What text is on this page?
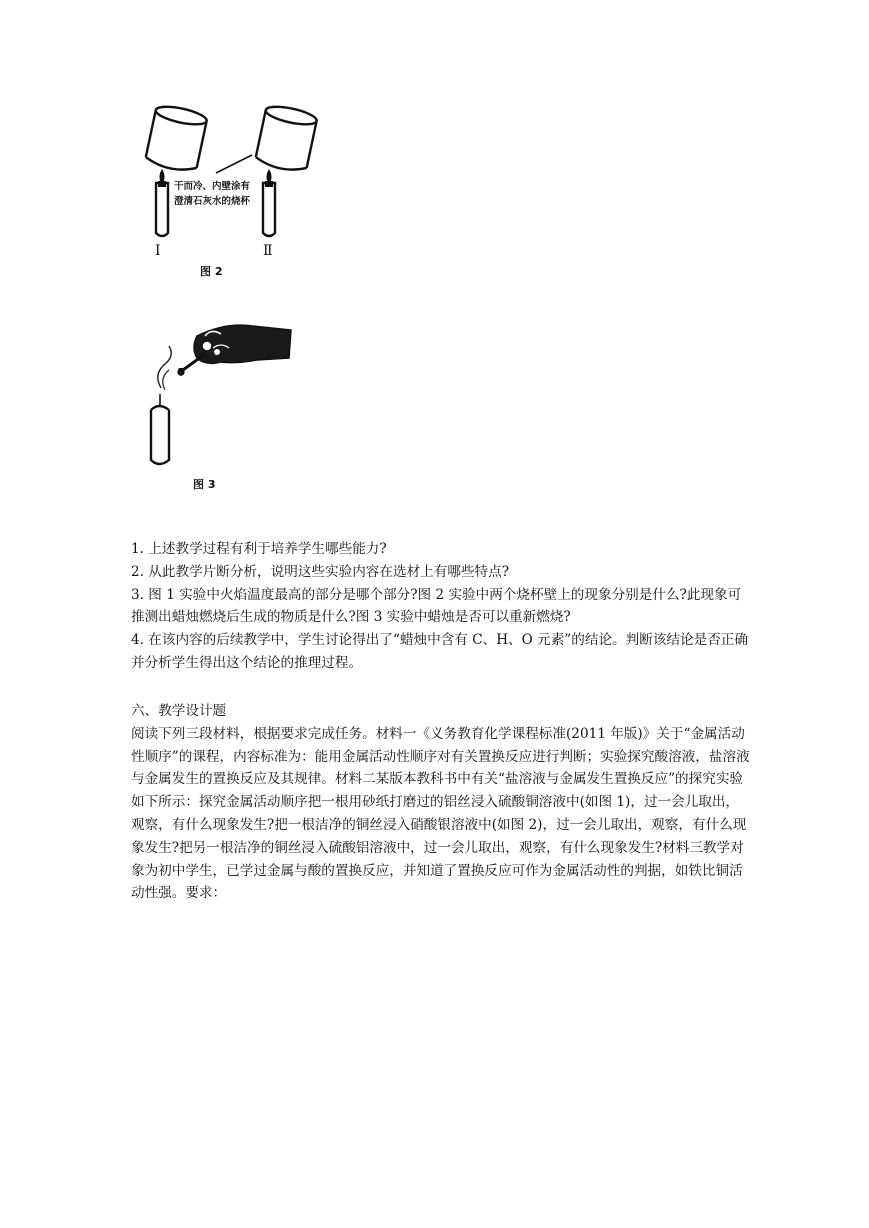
干而冷、内壁涂有
澄清石灰水的烧杯
Ⅰ	Ⅱ
图 2
图 3

1. 上述教学过程有利于培养学生哪些能力?

2. 从此教学片断分析，说明这些实验内容在选材上有哪些特点?

3. 图 1 实验中火焰温度最高的部分是哪个部分?图 2 实验中两个烧杯壁上的现象分别是什么?此现象可推测出蜡烛燃烧后生成的物质是什么?图 3 实验中蜡烛是否可以重新燃烧?

4. 在该内容的后续教学中，学生讨论得出了“蜡烛中含有 C、H、O 元素”的结论。判断该结论是否正确并分析学生得出这个结论的推理过程。

六、教学设计题

阅读下列三段材料，根据要求完成任务。材料一《义务教育化学课程标准(2011 年版)》关于“金属活动性顺序”的课程，内容标准为：能用金属活动性顺序对有关置换反应进行判断；实验探究酸溶液，盐溶液与金属发生的置换反应及其规律。材料二某版本教科书中有关“盐溶液与金属发生置换反应”的探究实验如下所示：探究金属活动顺序把一根用砂纸打磨过的铝丝浸入硫酸铜溶液中(如图 1)，过一会儿取出，观察，有什么现象发生?把一根洁净的铜丝浸入硝酸银溶液中(如图 2)，过一会儿取出，观察，有什么现象发生?把另一根洁净的铜丝浸入硫酸铝溶液中，过一会儿取出，观察，有什么现象发生?材料三教学对象为初中学生，已学过金属与酸的置换反应，并知道了置换反应可作为金属活动性的判据，如铁比铜活动性强。要求：
